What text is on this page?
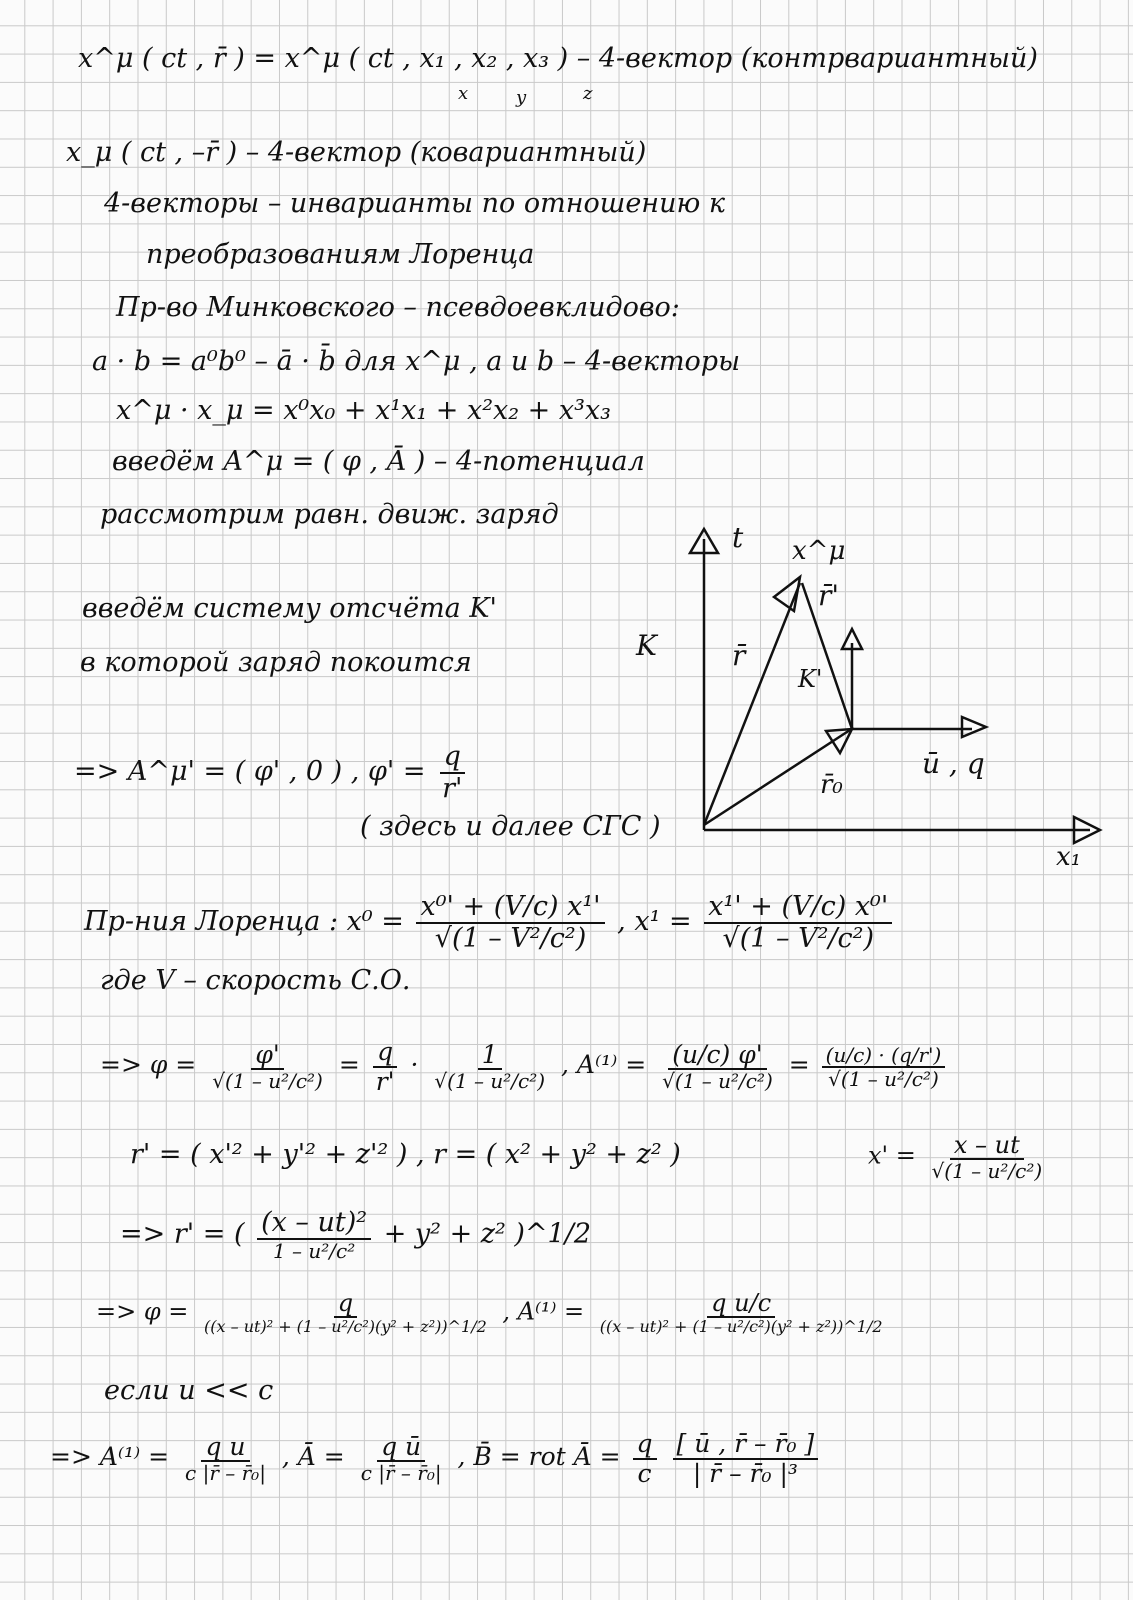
x^μ ( ct , r̄ ) = x^μ ( ct , x₁ , x₂ , x₃ ) – 4-вектор (контрвариантный)
x	y	z
x_μ ( ct , –r̄ ) – 4-вектор (ковариантный)
4-векторы – инварианты по отношению к
преобразованиям Лоренца
Пр-во Минковского – псевдоевклидово:
a · b = a⁰b⁰ – ā · b̄ для x^μ , a и b – 4-векторы
x^μ · x_μ = x⁰x₀ + x¹x₁ + x²x₂ + x³x₃
введём A^μ = ( φ , Ā ) – 4-потенциал
рассмотрим равн. движ. заряд
t x^μ
r̄'
r̄
K
K'
ū , q
r̄₀
x₁
введём систему отсчёта K'
в которой заряд покоится
=> A^μ' = ( φ' , 0 ) , $\varphi' = \frac{q}{r'}$
( здесь и далее СГС )
Пр-ния Лоренца : $x^0 = \frac{\text{x⁰' + (V/c) x¹'}}{\text{√(1 – V²/c²)}}$ , $x^1 = \frac{\text{x¹' + (V/c) x⁰'}}{\text{√(1 – V²/c²)}}$
где V – скорость С.О.
=> $\varphi = \frac{\varphi'}{\text{√(1 – u²/c²)}} = \frac{q}{r'} \cdot \frac{1}{\text{√(1 – u²/c²)}}$ , $A^{(1)} = \frac{(u/c) \varphi'}{\text{√(1 – u²/c²)}} = \frac{(u/c) \cdot (q/r')}{\text{√(1 – u²/c²)}}$
r' = ( x'² + y'² + z'² ) , r = ( x² + y² + z² )	$x' = \frac{x - ut}{\text{√(1 – u²/c²)}}$
=> r' = ( $\frac{\text{(x – ut)²}}{\text{1 – u²/c²}} + y^2 + z^2$ )^1/2
=> $\varphi = \frac{q}{\text{((x – ut)² + (1 – u²/c²)(y² + z²))\textasciicircum{}1/2}}$ , $A^{(1)} = \frac{\text{q u/c}}{\text{((x – ut)² + (1 – u²/c²)(y² + z²))\textasciicircum{}1/2}}$
если u << c
=> $A^{(1)} = \frac{\text{q u}}{\text{c |r̄ – r̄₀|}}$ , Ā = $\frac{\text{q ū}}{\text{c |r̄ – r̄₀|}}$ , B̄ = rot Ā = $\frac{q}{c}$
$\frac{\text{[ ū , r̄ – r̄₀ ]}}{\text{| r̄ – r̄₀ |³}}$
